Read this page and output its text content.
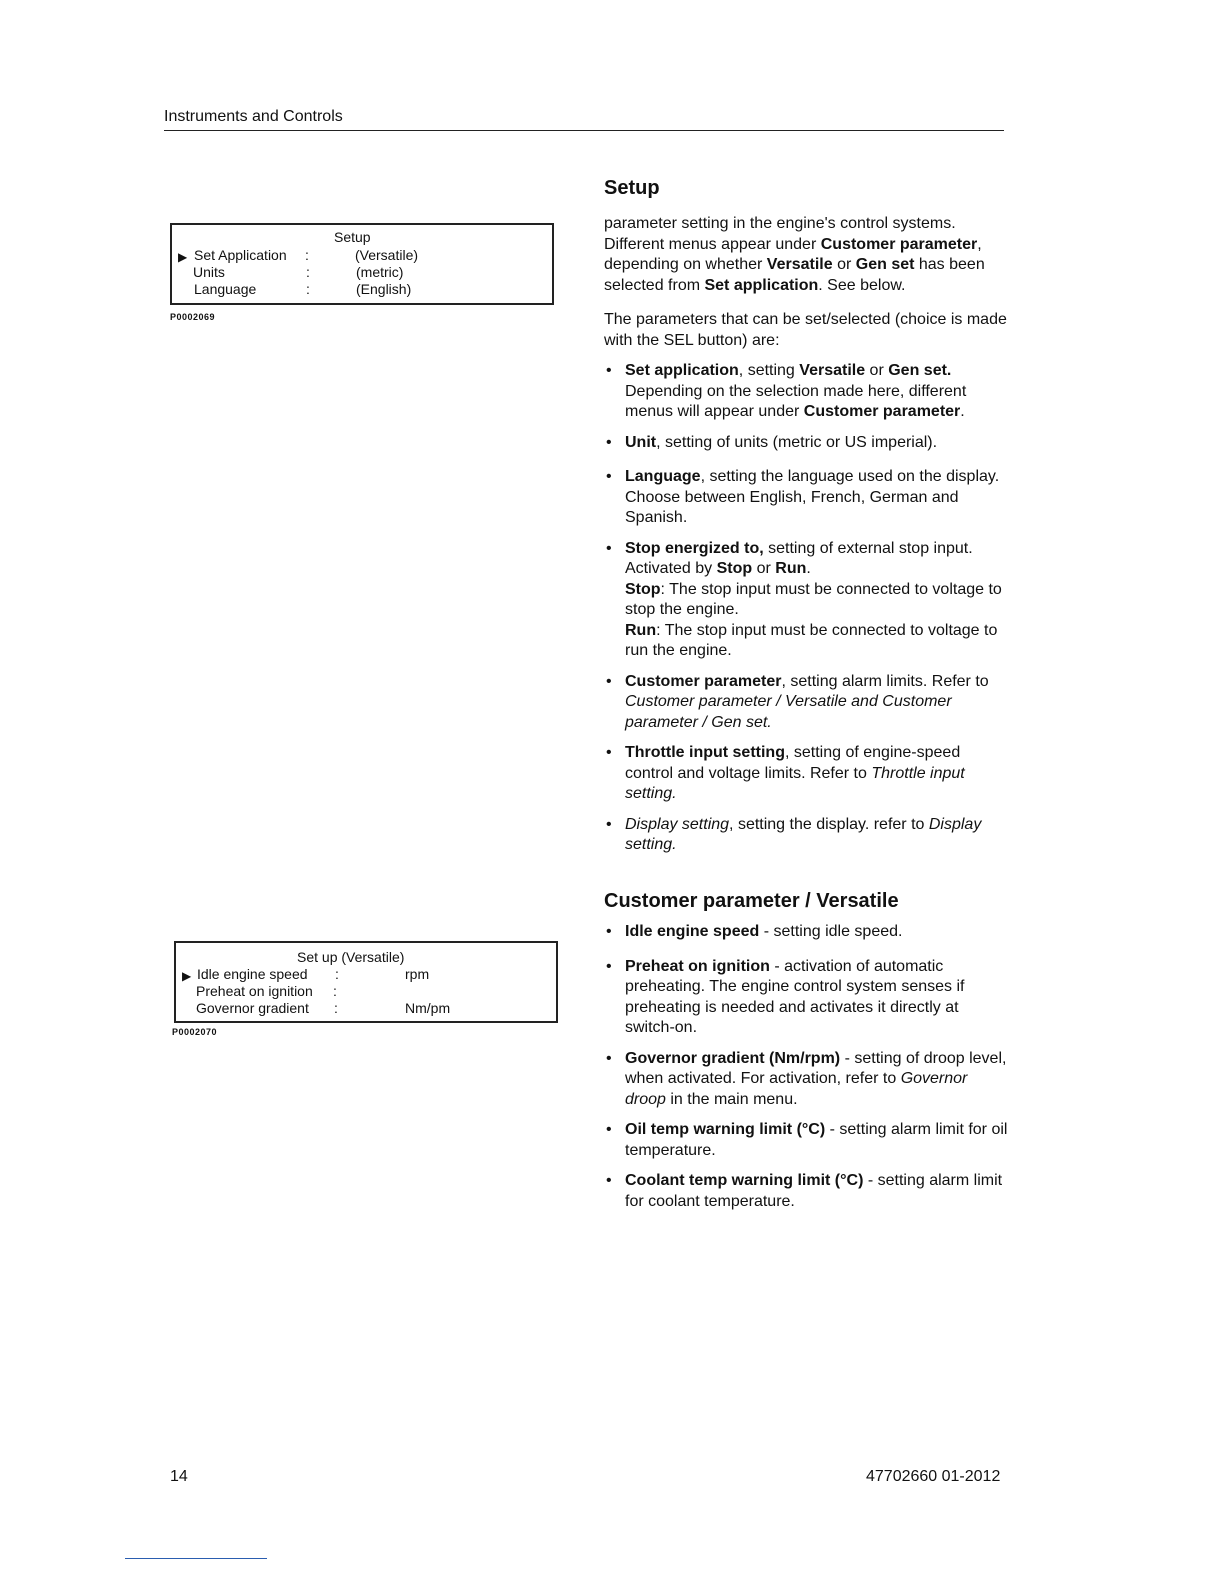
Instruments and Controls
Setup
▶ Set Application :	(Versatile)
Units	:	(metric)
Language	:	(English)
P0002069
Set up (Versatile)
▶ Idle engine speed :	rpm
Preheat on ignition :
Governor gradient :	Nm/pm
P0002070
Setup

parameter setting in the engine's control systems. Different menus appear under Customer parameter, depending on whether Versatile or Gen set has been selected from Set application. See below.

The parameters that can be set/selected (choice is made with the SEL button) are:

• Set application, setting Versatile or Gen set. Depending on the selection made here, different menus will appear under Customer parameter.
• Unit, setting of units (metric or US imperial).
• Language, setting the language used on the display. Choose between English, French, German and Spanish.
• Stop energized to, setting of external stop input. Activated by Stop or Run.
Stop: The stop input must be connected to voltage to stop the engine.
Run: The stop input must be connected to voltage to run the engine.
• Customer parameter, setting alarm limits. Refer to Customer parameter / Versatile and Customer parameter / Gen set.
• Throttle input setting, setting of engine-speed control and voltage limits. Refer to Throttle input setting.
• Display setting, setting the display. refer to Display setting.
Customer parameter / Versatile
• Idle engine speed - setting idle speed.
• Preheat on ignition - activation of automatic preheating. The engine control system senses if preheating is needed and activates it directly at switch-on.
• Governor gradient (Nm/rpm) - setting of droop level, when activated. For activation, refer to Governor droop in the main menu.
• Oil temp warning limit (°C) - setting alarm limit for oil temperature.
• Coolant temp warning limit (°C) - setting alarm limit for coolant temperature.
14	47702660 01-2012
